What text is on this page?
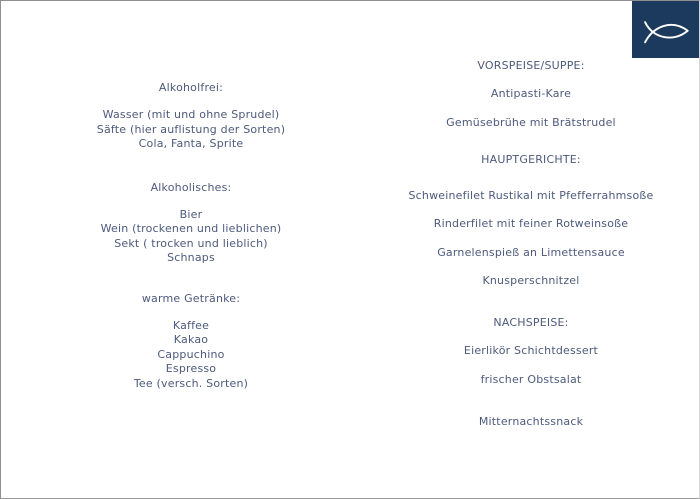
Alkoholfrei:
Wasser (mit und ohne Sprudel)
Säfte (hier auflistung der Sorten)
Cola, Fanta, Sprite
Alkoholisches:
Bier
Wein (trockenen und lieblichen)
Sekt ( trocken und lieblich)
Schnaps
warme Getränke:
Kaffee
Kakao
Cappuchino
Espresso
Tee (versch. Sorten)
VORSPEISE/SUPPE:
Antipasti-Kare
Gemüsebrühe mit Brätstrudel
HAUPTGERICHTE:
Schweinefilet Rustikal mit Pfefferrahmsoße
Rinderfilet mit feiner Rotweinsoße
Garnelenspieß an Limettensauce
Knusperschnitzel
NACHSPEISE:
Eierlikör Schichtdessert
frischer Obstsalat
Mitternachtssnack
